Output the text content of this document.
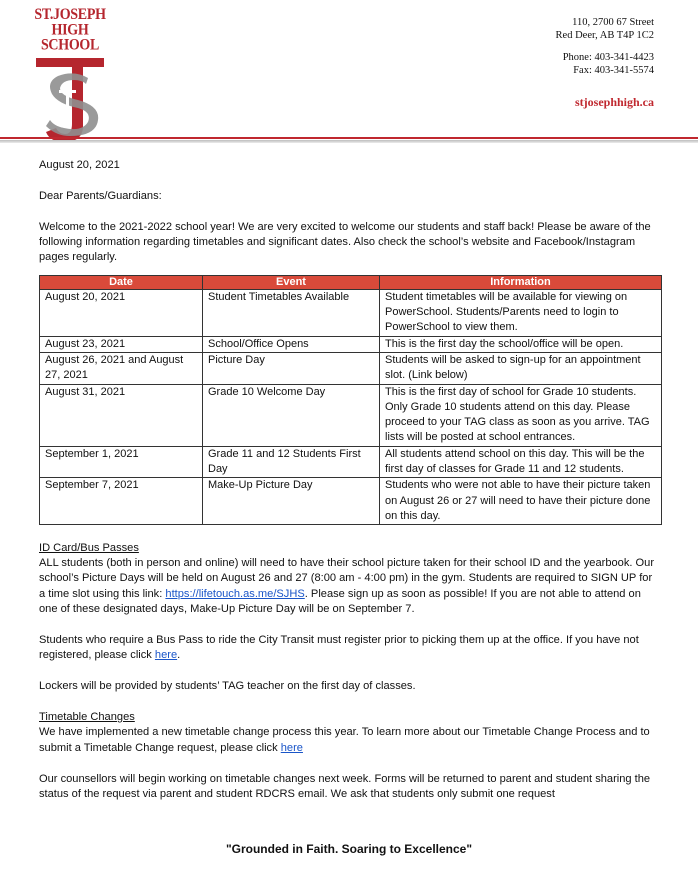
ST.JOSEPH
HIGH SCHOOL
110, 2700 67 Street
Red Deer, AB T4P 1C2
Phone: 403-341-4423
Fax: 403-341-5574
stjosephhigh.ca

August 20, 2021

Dear Parents/Guardians:

Welcome to the 2021-2022 school year! We are very excited to welcome our students and staff back! Please be aware of the following information regarding timetables and significant dates. Also check the school’s website and Facebook/Instagram pages regularly.

Date	Event	Information
August 20, 2021	Student Timetables Available	Student timetables will be available for viewing on PowerSchool. Students/Parents need to login to PowerSchool to view them.
August 23, 2021	School/Office Opens	This is the first day the school/office will be open.
August 26, 2021 and August 27, 2021	Picture Day	Students will be asked to sign-up for an appointment slot. (Link below)
August 31, 2021	Grade 10 Welcome Day	This is the first day of school for Grade 10 students. Only Grade 10 students attend on this day. Please proceed to your TAG class as soon as you arrive. TAG lists will be posted at school entrances.
September 1, 2021	Grade 11 and 12 Students First Day	All students attend school on this day. This will be the first day of classes for Grade 11 and 12 students.
September 7, 2021	Make-Up Picture Day	Students who were not able to have their picture taken on August 26 or 27 will need to have their picture done on this day.

ID Card/Bus Passes

ALL students (both in person and online) will need to have their school picture taken for their school ID and the yearbook. Our school’s Picture Days will be held on August 26 and 27 (8:00 am - 4:00 pm) in the gym. Students are required to SIGN UP for a time slot using this link: https://lifetouch.as.me/SJHS. Please sign up as soon as possible! If you are not able to attend on one of these designated days, Make-Up Picture Day will be on September 7.

Students who require a Bus Pass to ride the City Transit must register prior to picking them up at the office. If you have not registered, please click here.

Lockers will be provided by students’ TAG teacher on the first day of classes.

Timetable Changes

We have implemented a new timetable change process this year. To learn more about our Timetable Change Process and to submit a Timetable Change request, please click here

Our counsellors will begin working on timetable changes next week. Forms will be returned to parent and student sharing the status of the request via parent and student RDCRS email. We ask that students only submit one request

"Grounded in Faith. Soaring to Excellence"
